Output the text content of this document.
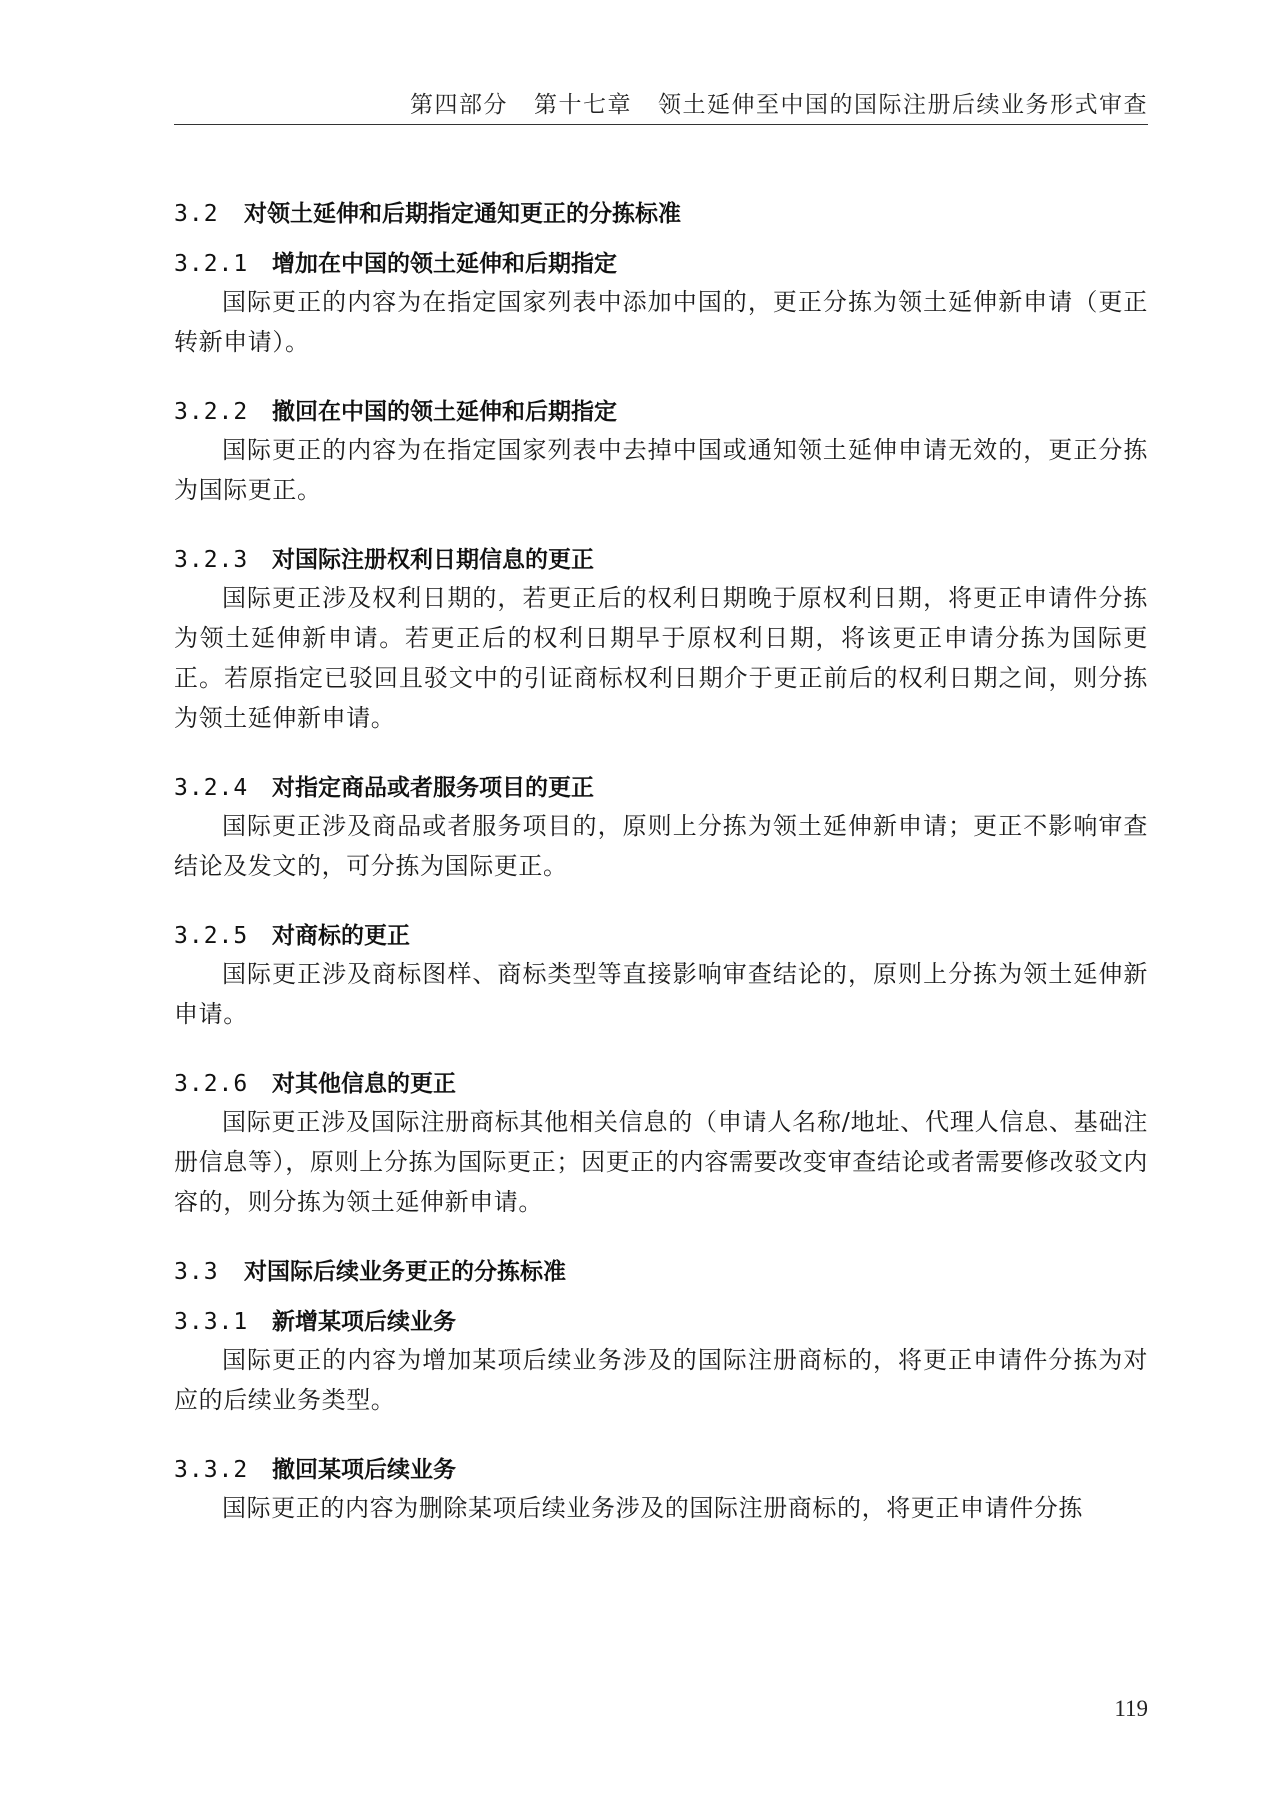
第四部分 第十七章 领土延伸至中国的国际注册后续业务形式审查
3.2 对领土延伸和后期指定通知更正的分拣标准
3.2.1 增加在中国的领土延伸和后期指定

国际更正的内容为在指定国家列表中添加中国的，更正分拣为领土延伸新申请（更正转新申请）。

3.2.2 撤回在中国的领土延伸和后期指定

国际更正的内容为在指定国家列表中去掉中国或通知领土延伸申请无效的，更正分拣为国际更正。

3.2.3 对国际注册权利日期信息的更正

国际更正涉及权利日期的，若更正后的权利日期晚于原权利日期，将更正申请件分拣为领土延伸新申请。若更正后的权利日期早于原权利日期，将该更正申请分拣为国际更正。若原指定已驳回且驳文中的引证商标权利日期介于更正前后的权利日期之间，则分拣为领土延伸新申请。

3.2.4 对指定商品或者服务项目的更正

国际更正涉及商品或者服务项目的，原则上分拣为领土延伸新申请；更正不影响审查结论及发文的，可分拣为国际更正。

3.2.5 对商标的更正

国际更正涉及商标图样、商标类型等直接影响审查结论的，原则上分拣为领土延伸新申请。

3.2.6 对其他信息的更正

国际更正涉及国际注册商标其他相关信息的（申请人名称/地址、代理人信息、基础注册信息等），原则上分拣为国际更正；因更正的内容需要改变审查结论或者需要修改驳文内容的，则分拣为领土延伸新申请。

3.3 对国际后续业务更正的分拣标准
3.3.1 新增某项后续业务

国际更正的内容为增加某项后续业务涉及的国际注册商标的，将更正申请件分拣为对应的后续业务类型。

3.3.2 撤回某项后续业务

国际更正的内容为删除某项后续业务涉及的国际注册商标的，将更正申请件分拣

119
